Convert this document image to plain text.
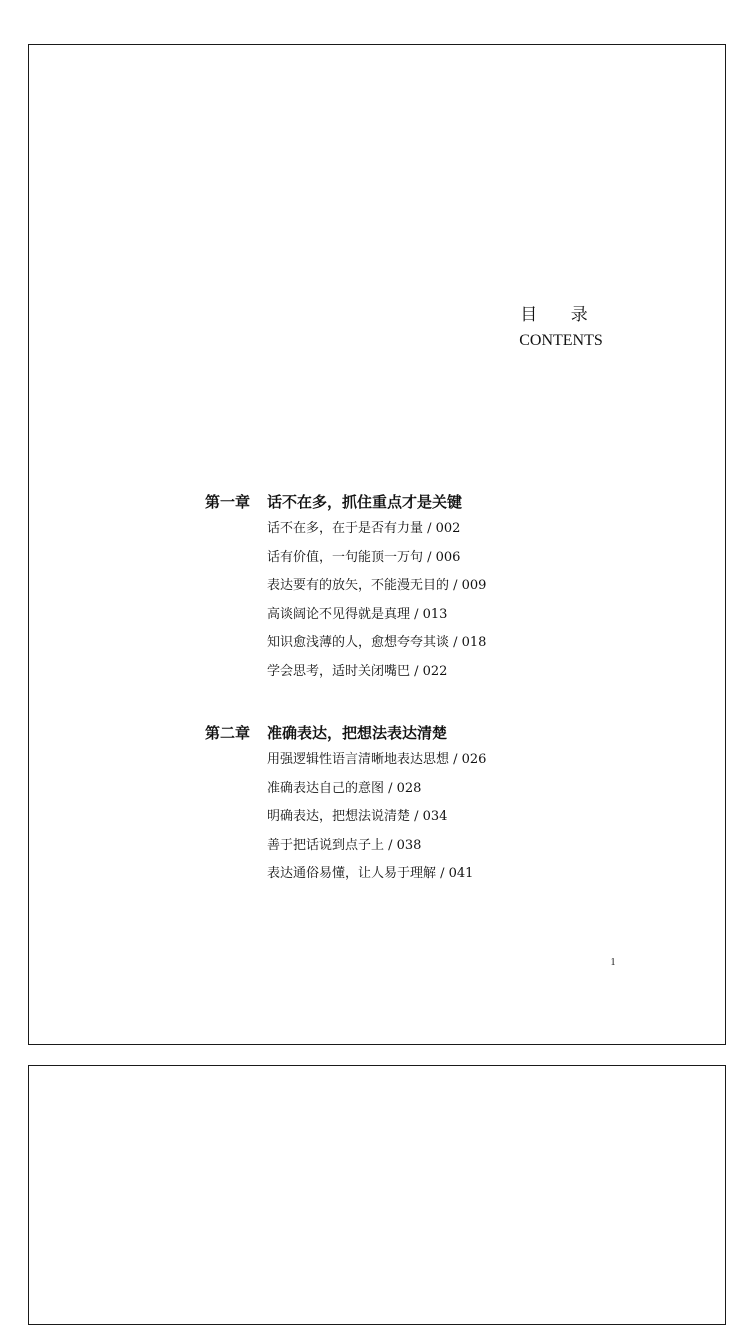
目 录
CONTENTS
第一章 话不在多，抓住重点才是关键
话不在多，在于是否有力量 / 002
话有价值，一句能顶一万句 / 006
表达要有的放矢，不能漫无目的 / 009
高谈阔论不见得就是真理 / 013
知识愈浅薄的人，愈想夸夸其谈 / 018
学会思考，适时关闭嘴巴 / 022
第二章 准确表达，把想法表达清楚
用强逻辑性语言清晰地表达思想 / 026
准确表达自己的意图 / 028
明确表达，把想法说清楚 / 034
善于把话说到点子上 / 038
表达通俗易懂，让人易于理解 / 041
1
